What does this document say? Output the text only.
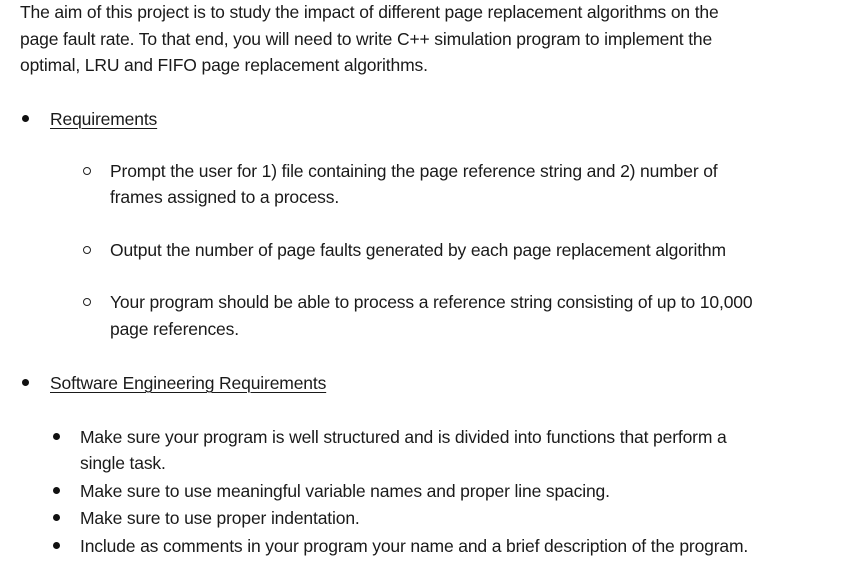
The aim of this project is to study the impact of different page replacement algorithms on the
page fault rate. To that end, you will need to write C++ simulation program to implement the
optimal, LRU and FIFO page replacement algorithms.
Requirements
Prompt the user for 1) file containing the page reference string and 2) number of
frames assigned to a process.
Output the number of page faults generated by each page replacement algorithm
Your program should be able to process a reference string consisting of up to 10,000
page references.
Software Engineering Requirements
Make sure your program is well structured and is divided into functions that perform a
single task.
Make sure to use meaningful variable names and proper line spacing.
Make sure to use proper indentation.
Include as comments in your program your name and a brief description of the program.
